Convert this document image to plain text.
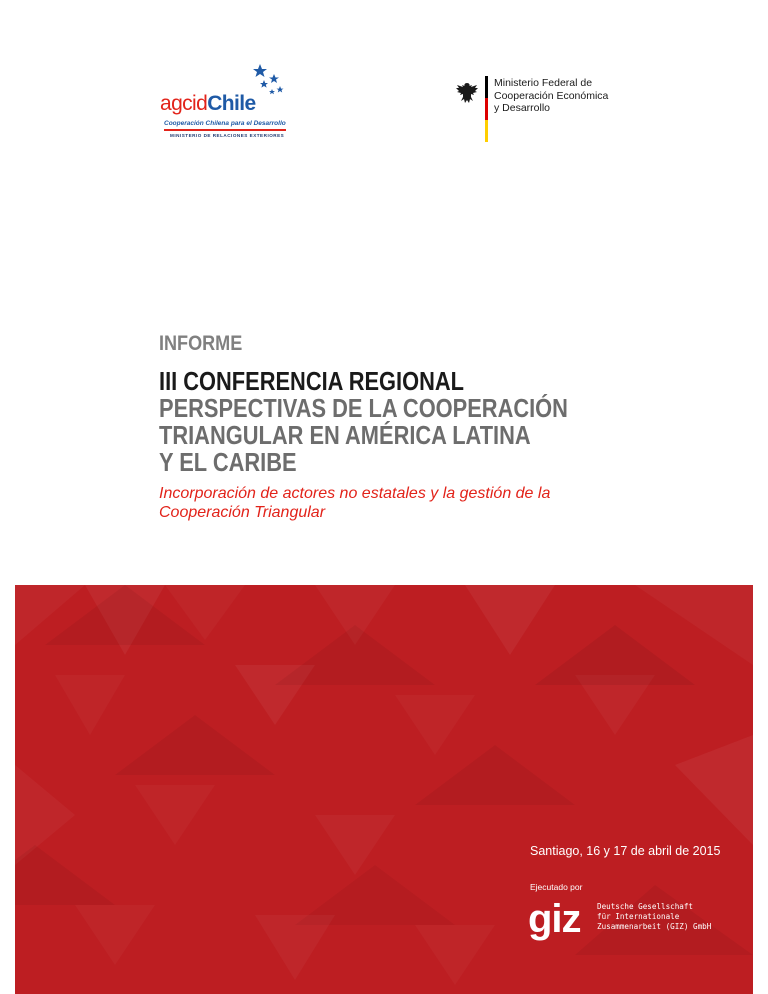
agcidChile
Cooperación Chilena para el Desarrollo
MINISTERIO DE RELACIONES EXTERIORES
Ministerio Federal de
Cooperación Económica
y Desarrollo
INFORME
III CONFERENCIA REGIONAL
PERSPECTIVAS DE LA COOPERACIÓN
TRIANGULAR EN AMÉRICA LATINA
Y EL CARIBE
Incorporación de actores no estatales y la gestión de la Cooperación Triangular
Santiago, 16 y 17 de abril de 2015
Ejecutado por
giz Deutsche Gesellschaft
für Internationale
Zusammenarbeit (GIZ) GmbH
